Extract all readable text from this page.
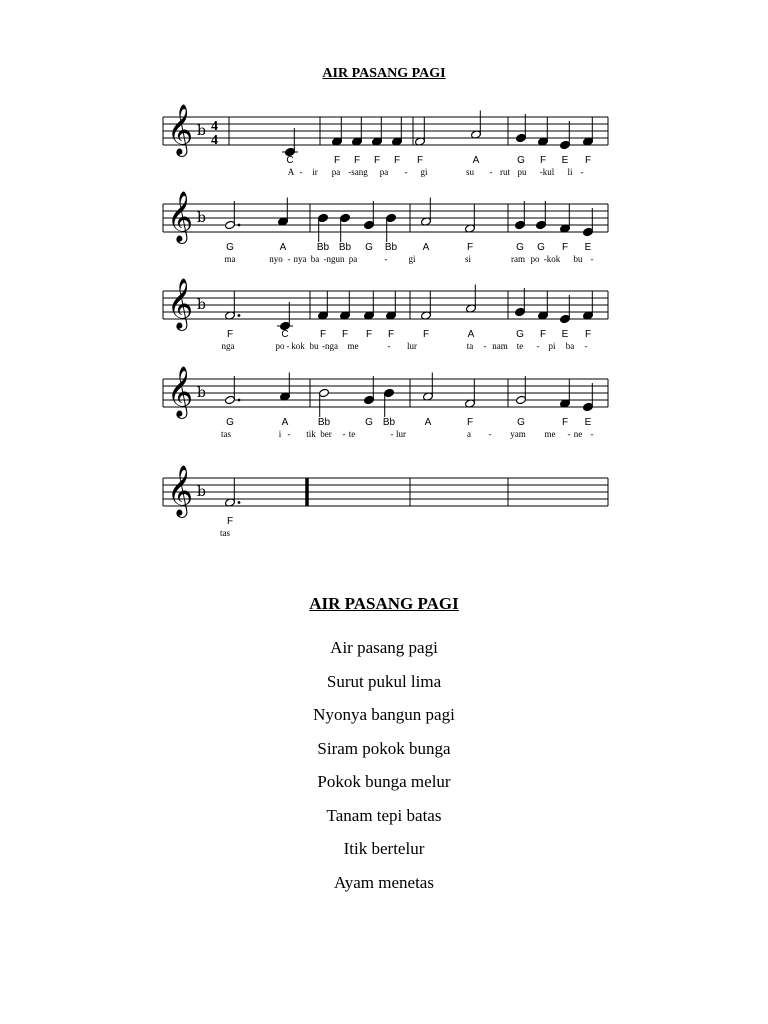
AIR PASANG PAGI
𝄞 b 4
4
C	F F F F F	A	G F E F
A - ir pa -sang pa - gi	su - rut pu -kul li -
𝄞 b
G	A	Bb Bb G Bb	A	F	G G F E
ma	nyo - nya ba -ngun pa	- gi	si	ram po -kok bu -
𝄞 b
F	C	F F F F	F	A	G F E F
nga	po - kok bu -nga me	- lur	ta - nam te - pi ba -
𝄞 b
G	A	Bb	G Bb	A	F	G	F E
tas	i - tik ber - te	- lur	a - yam me - ne -
𝄞 b
F
tas
AIR PASANG PAGI
Air pasang pagi
Surut pukul lima
Nyonya bangun pagi
Siram pokok bunga
Pokok bunga melur
Tanam tepi batas
Itik bertelur
Ayam menetas
